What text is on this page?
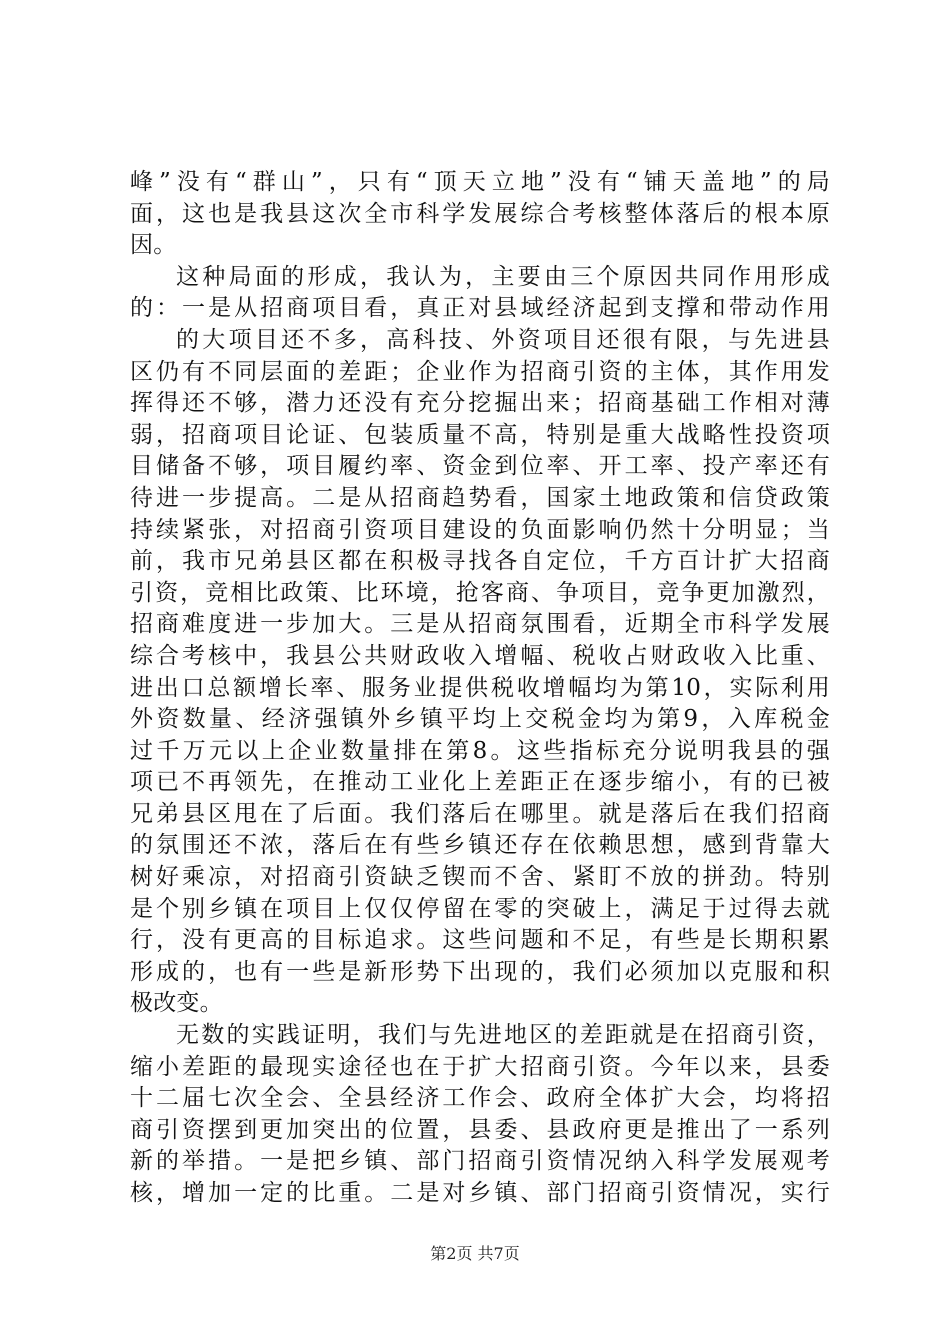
峰”没有“群山”，只有“顶天立地”没有“铺天盖地”的局
面，这也是我县这次全市科学发展综合考核整体落后的根本原
因。
这种局面的形成，我认为，主要由三个原因共同作用形成
的：一是从招商项目看，真正对县域经济起到支撑和带动作用
的大项目还不多，高科技、外资项目还很有限，与先进县
区仍有不同层面的差距；企业作为招商引资的主体，其作用发
挥得还不够，潜力还没有充分挖掘出来；招商基础工作相对薄
弱，招商项目论证、包装质量不高，特别是重大战略性投资项
目储备不够，项目履约率、资金到位率、开工率、投产率还有
待进一步提高。二是从招商趋势看，国家土地政策和信贷政策
持续紧张，对招商引资项目建设的负面影响仍然十分明显；当
前，我市兄弟县区都在积极寻找各自定位，千方百计扩大招商
引资，竞相比政策、比环境，抢客商、争项目，竞争更加激烈，
招商难度进一步加大。三是从招商氛围看，近期全市科学发展
综合考核中，我县公共财政收入增幅、税收占财政收入比重、
进出口总额增长率、服务业提供税收增幅均为第10，实际利用
外资数量、经济强镇外乡镇平均上交税金均为第9，入库税金
过千万元以上企业数量排在第8。这些指标充分说明我县的强
项已不再领先，在推动工业化上差距正在逐步缩小，有的已被
兄弟县区甩在了后面。我们落后在哪里。就是落后在我们招商
的氛围还不浓，落后在有些乡镇还存在依赖思想，感到背靠大
树好乘凉，对招商引资缺乏锲而不舍、紧盯不放的拼劲。特别
是个别乡镇在项目上仅仅停留在零的突破上，满足于过得去就
行，没有更高的目标追求。这些问题和不足，有些是长期积累
形成的，也有一些是新形势下出现的，我们必须加以克服和积
极改变。
无数的实践证明，我们与先进地区的差距就是在招商引资，
缩小差距的最现实途径也在于扩大招商引资。今年以来，县委
十二届七次全会、全县经济工作会、政府全体扩大会，均将招
商引资摆到更加突出的位置，县委、县政府更是推出了一系列
新的举措。一是把乡镇、部门招商引资情况纳入科学发展观考
核，增加一定的比重。二是对乡镇、部门招商引资情况，实行
第2页 共7页
